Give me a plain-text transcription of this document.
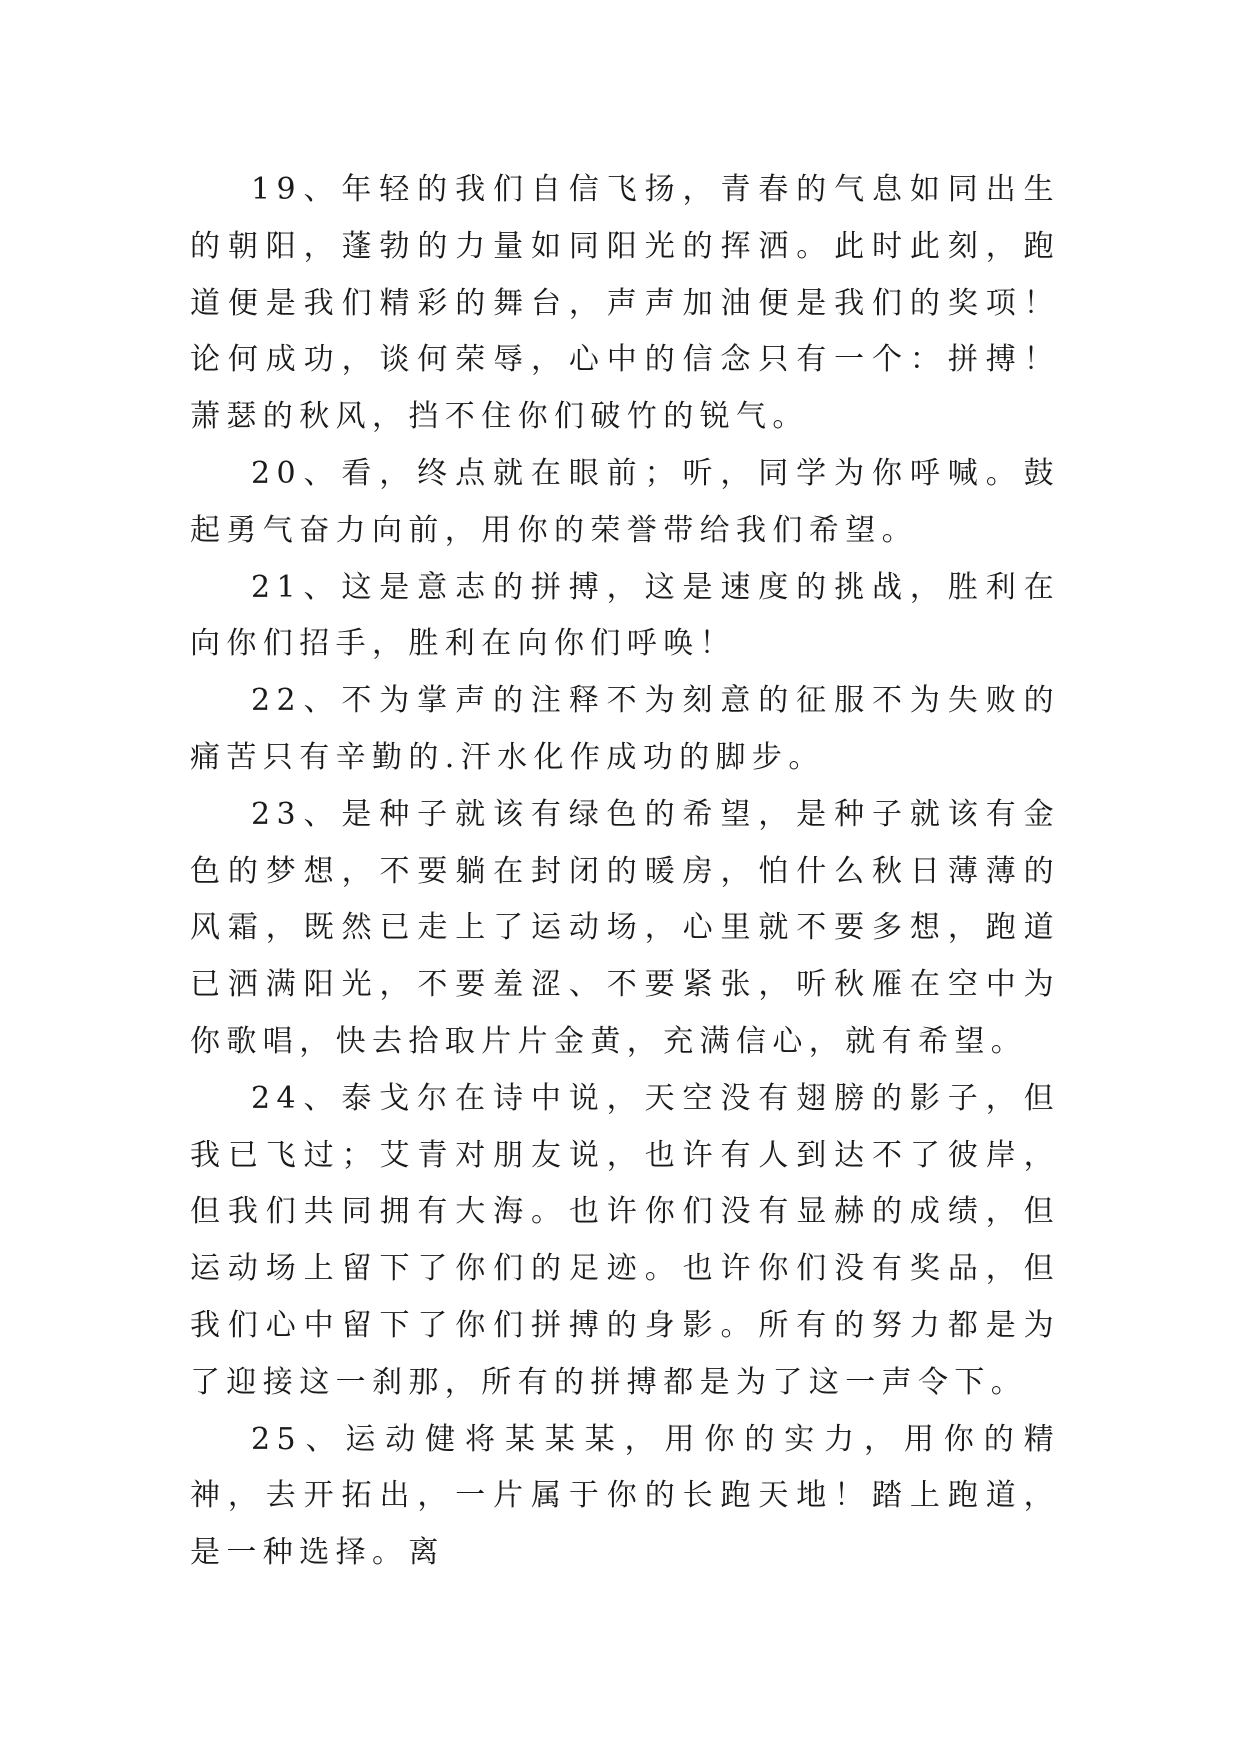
19、年轻的我们自信飞扬，青春的气息如同出生的朝阳，蓬勃的力量如同阳光的挥洒。此时此刻，跑道便是我们精彩的舞台，声声加油便是我们的奖项！论何成功，谈何荣辱，心中的信念只有一个：拼搏！萧瑟的秋风，挡不住你们破竹的锐气。

20、看，终点就在眼前；听，同学为你呼喊。鼓起勇气奋力向前，用你的荣誉带给我们希望。

21、这是意志的拼搏，这是速度的挑战，胜利在向你们招手，胜利在向你们呼唤！

22、不为掌声的注释不为刻意的征服不为失败的痛苦只有辛勤的.汗水化作成功的脚步。

23、是种子就该有绿色的希望，是种子就该有金色的梦想，不要躺在封闭的暖房，怕什么秋日薄薄的风霜，既然已走上了运动场，心里就不要多想，跑道已洒满阳光，不要羞涩、不要紧张，听秋雁在空中为你歌唱，快去拾取片片金黄，充满信心，就有希望。

24、泰戈尔在诗中说，天空没有翅膀的影子，但我已飞过；艾青对朋友说，也许有人到达不了彼岸，但我们共同拥有大海。也许你们没有显赫的成绩，但运动场上留下了你们的足迹。也许你们没有奖品，但我们心中留下了你们拼搏的身影。所有的努力都是为了迎接这一刹那，所有的拼搏都是为了这一声令下。

25、运动健将某某某，用你的实力，用你的精神，去开拓出，一片属于你的长跑天地！踏上跑道，是一种选择。离
